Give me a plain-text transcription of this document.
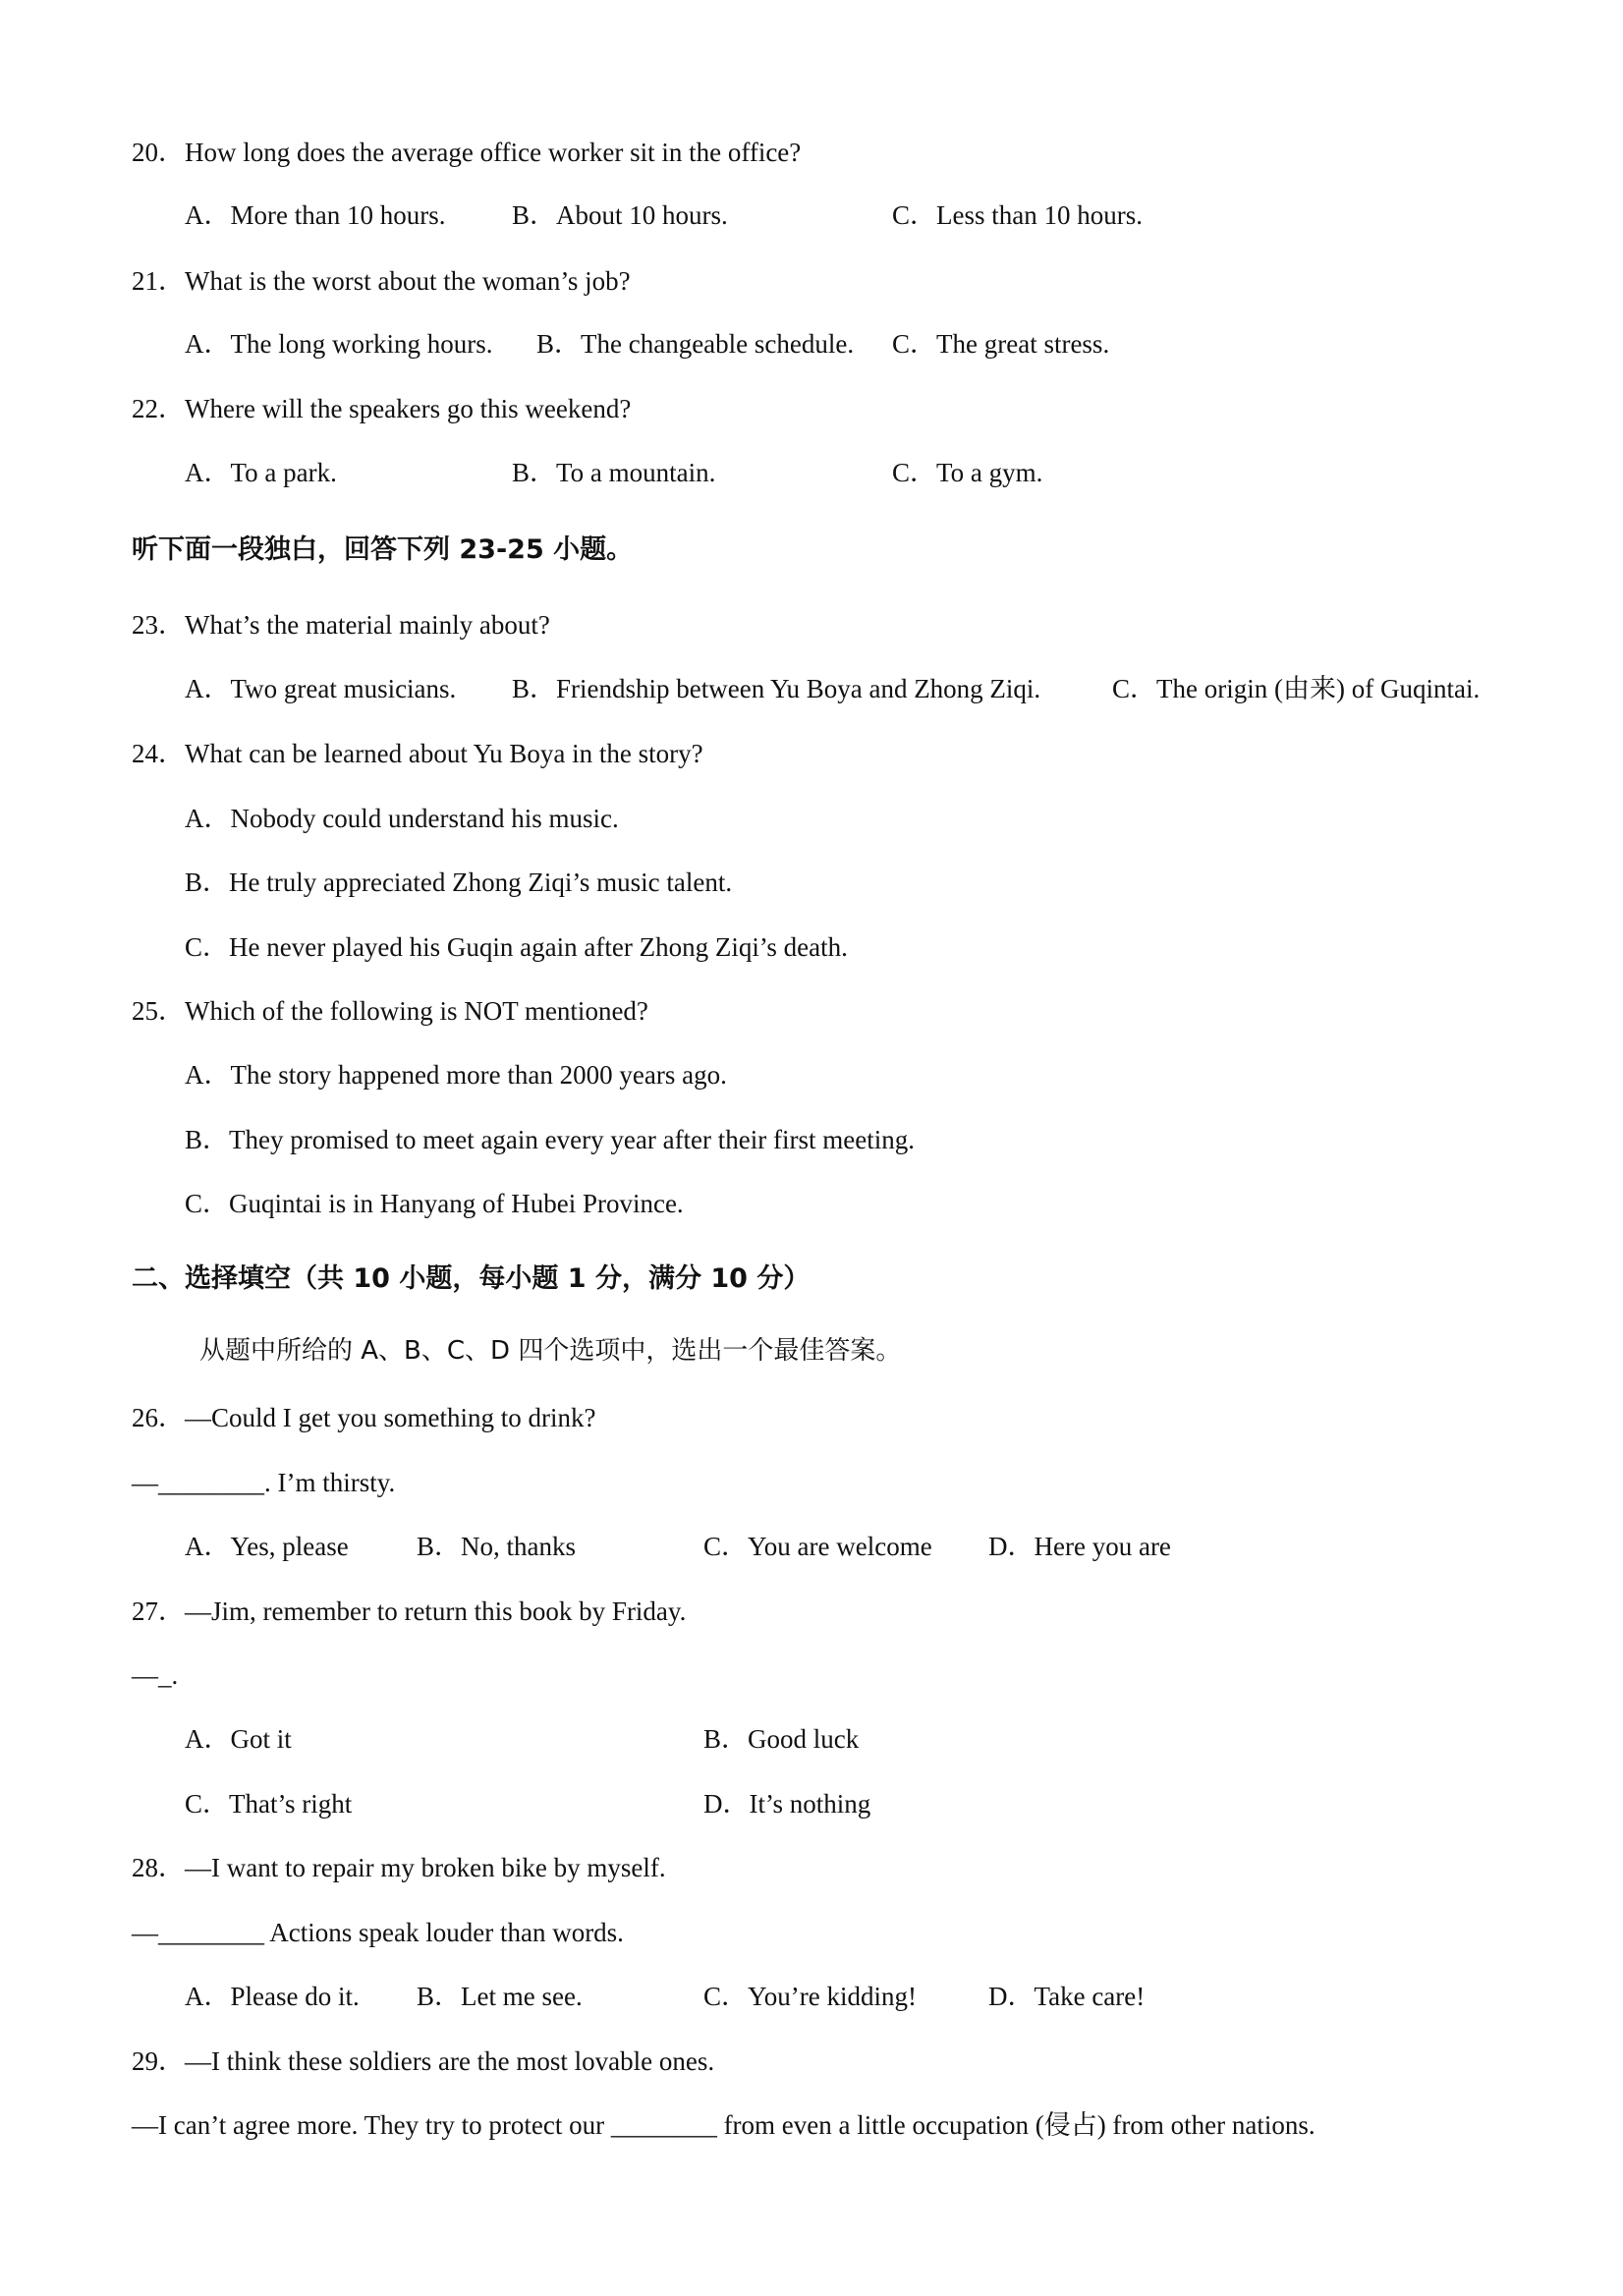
20．How long does the average office worker sit in the office?
A．More than 10 hours.	B．About 10 hours.	C．Less than 10 hours.
21．What is the worst about the woman’s job?
A．The long working hours. B．The changeable schedule. C．The great stress.
22．Where will the speakers go this weekend?
A．To a park.	B．To a mountain.	C．To a gym.
听下面一段独白，回答下列 23-25 小题。
23．What’s the material mainly about?
A．Two great musicians. B．Friendship between Yu Boya and Zhong Ziqi.	C．The origin (由来) of Guqintai.
24．What can be learned about Yu Boya in the story?
A．Nobody could understand his music.
B．He truly appreciated Zhong Ziqi’s music talent.
C．He never played his Guqin again after Zhong Ziqi’s death.
25．Which of the following is NOT mentioned?
A．The story happened more than 2000 years ago.
B．They promised to meet again every year after their first meeting.
C．Guqintai is in Hanyang of Hubei Province.
二、选择填空（共 10 小题，每小题 1 分，满分 10 分）
从题中所给的 A、B、C、D 四个选项中，选出一个最佳答案。
26．—Could I get you something to drink?
—________. I’m thirsty.
A．Yes, please	B．No, thanks	C．You are welcome D．Here you are
27．—Jim, remember to return this book by Friday.
—_.
A．Got it	B．Good luck
C．That’s right	D．It’s nothing
28．—I want to repair my broken bike by myself.
—________ Actions speak louder than words.
A．Please do it. B．Let me see.	C．You’re kidding!	D．Take care!
29．—I think these soldiers are the most lovable ones.
—I can’t agree more. They try to protect our ________ from even a little occupation (侵占) from other nations.
